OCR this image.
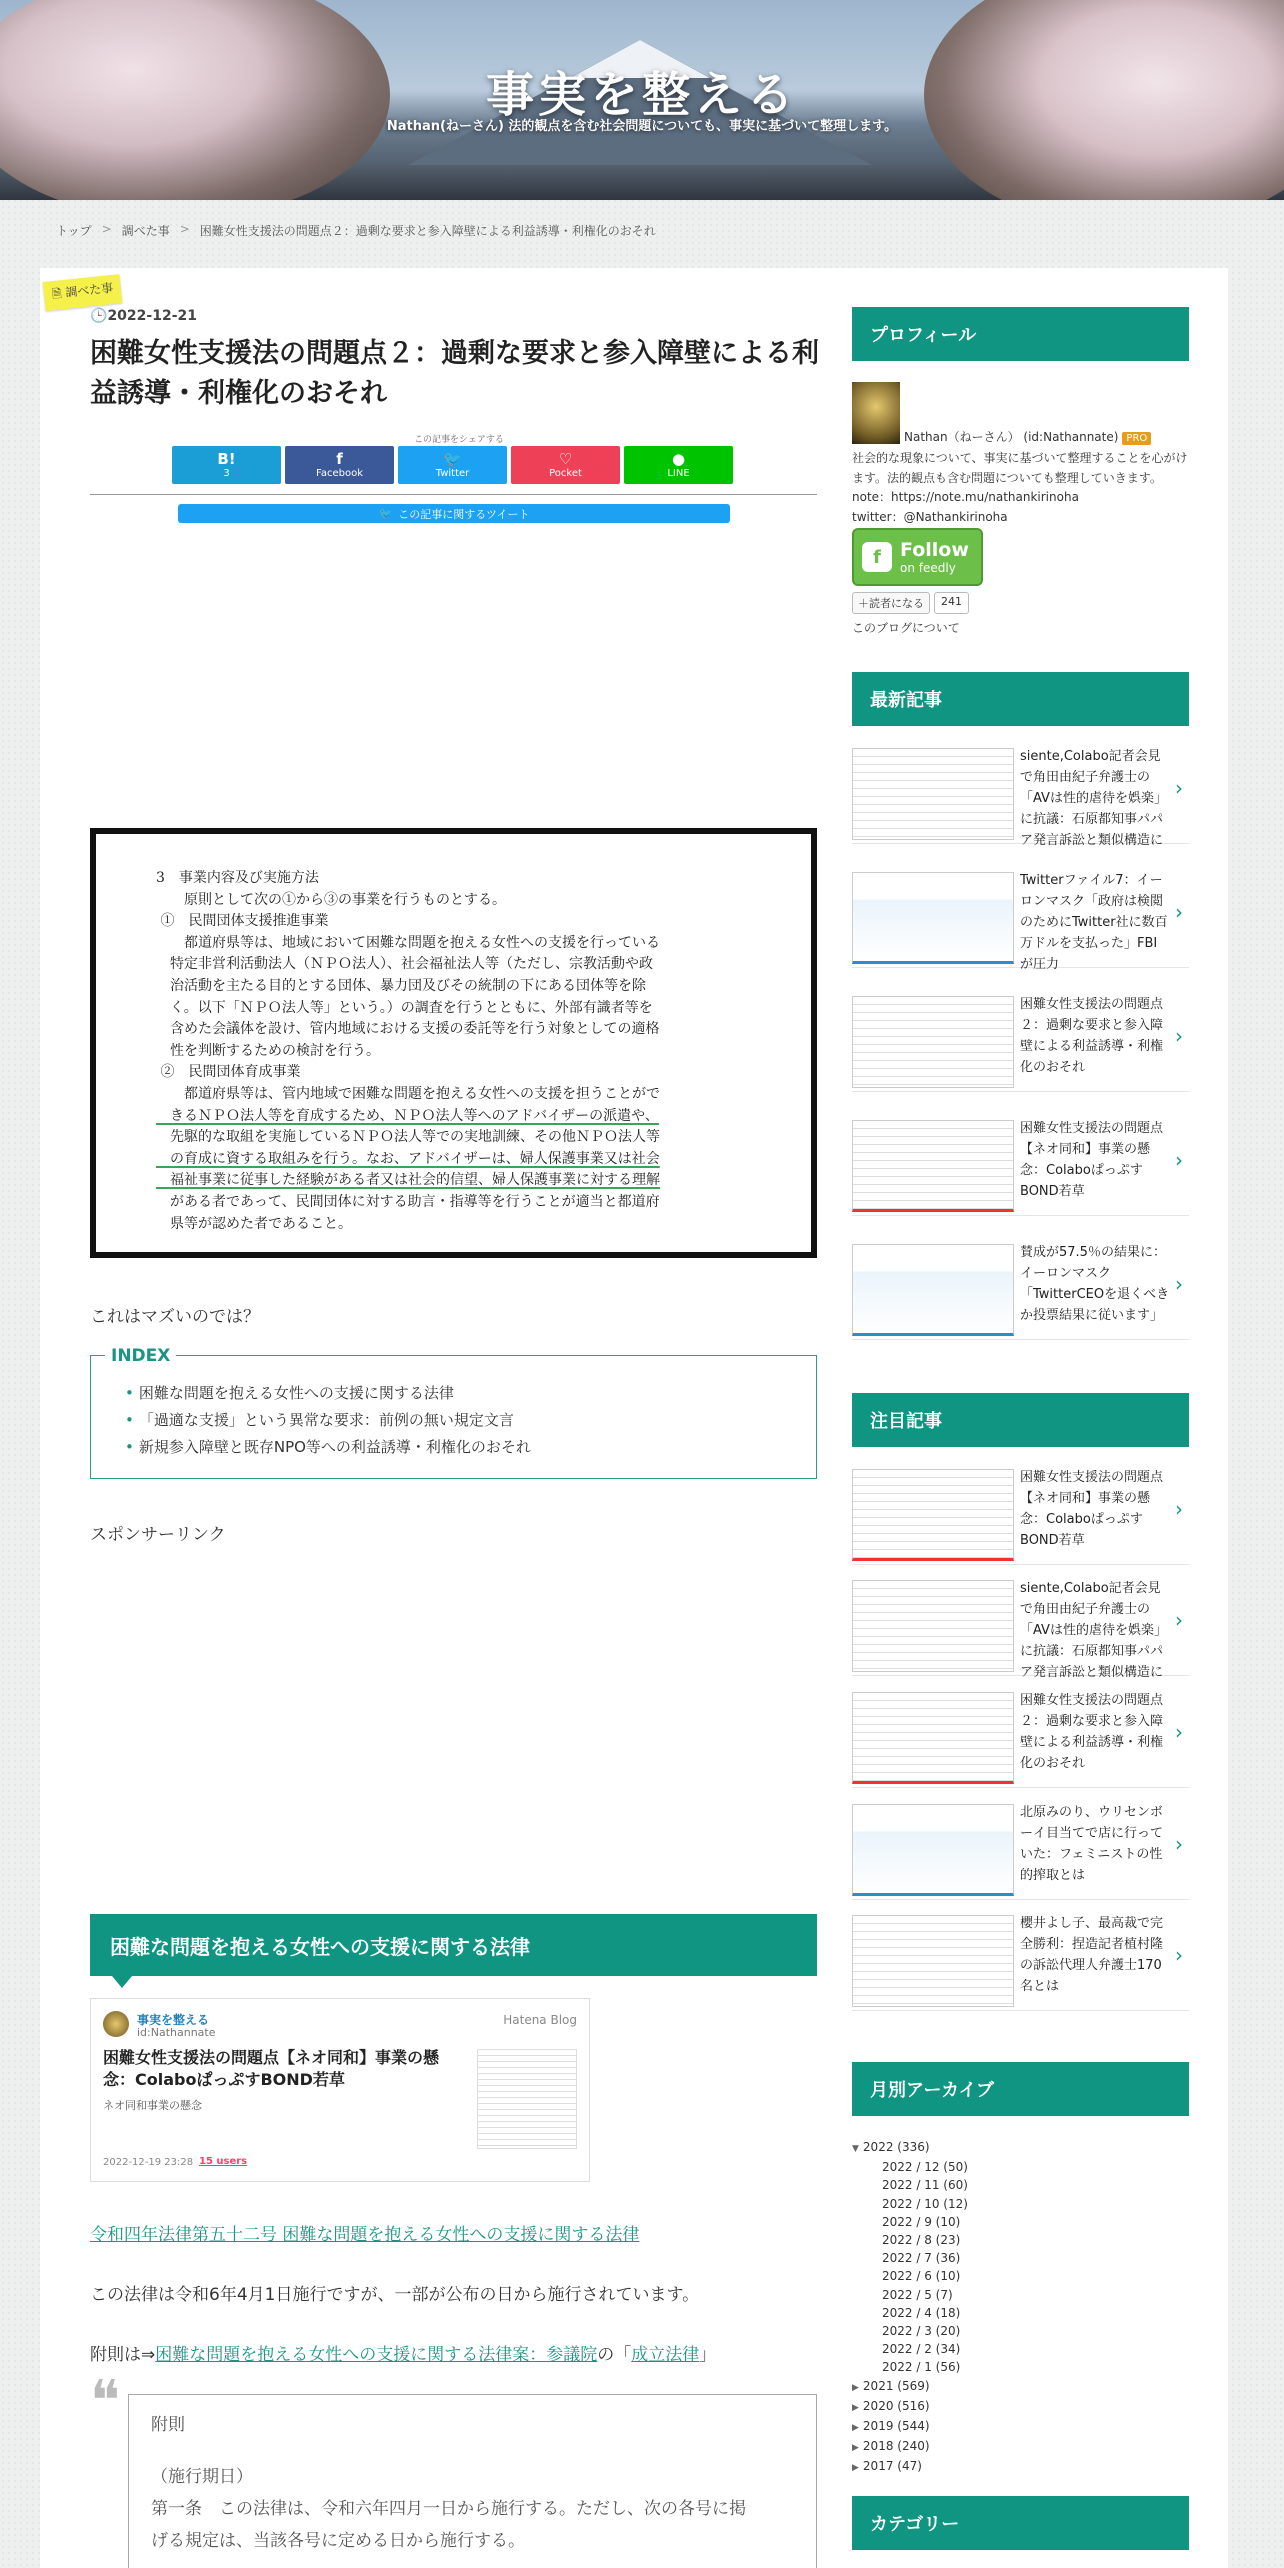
事実を整える
Nathan(ねーさん) 法的観点を含む社会問題についても、事実に基づいて整理します。
トップ > 調べた事 > 困難女性支援法の問題点２：過剰な要求と参入障壁による利益誘導・利権化のおそれ
🗎 調べた事
🕒2022-12-21
困難女性支援法の問題点２：過剰な要求と参入障壁による利益誘導・利権化のおそれ
この記事をシェアする
B!
3
f
Facebook
🐦
Twitter
♡
Pocket
●
LINE
🐦 この記事に関するツイート

3　事業内容及び実施方法

　　原則として次の①から③の事業を行うものとする。

①　民間団体支援推進事業

　　都道府県等は、地域において困難な問題を抱える女性への支援を行っている

　特定非営利活動法人（ＮＰＯ法人）、社会福祉法人等（ただし、宗教活動や政

　治活動を主たる目的とする団体、暴力団及びその統制の下にある団体等を除

　く。以下「ＮＰＯ法人等」という。）の調査を行うとともに、外部有識者等を

　含めた会議体を設け、管内地域における支援の委託等を行う対象としての適格

　性を判断するための検討を行う。

②　民間団体育成事業

　　都道府県等は、管内地域で困難な問題を抱える女性への支援を担うことがで

　きるＮＰＯ法人等を育成するため、ＮＰＯ法人等へのアドバイザーの派遣や、

　先駆的な取組を実施しているＮＰＯ法人等での実地訓練、その他ＮＰＯ法人等

　の育成に資する取組みを行う。なお、アドバイザーは、婦人保護事業又は社会

　福祉事業に従事した経験がある者又は社会的信望、婦人保護事業に対する理解

　がある者であって、民間団体に対する助言・指導等を行うことが適当と都道府

　県等が認めた者であること。

これはマズいのでは？

INDEX
• 困難な問題を抱える女性への支援に関する法律
• 「過適な支援」という異常な要求：前例の無い規定文言
• 新規参入障壁と既存NPO等への利益誘導・利権化のおそれ

スポンサーリンク

困難な問題を抱える女性への支援に関する法律
事実を整える
id:Nathannate
Hatena Blog
困難女性支援法の問題点【ネオ同和】事業の懸念：ColaboぱっぷすBOND若草
ネオ同和事業の懸念
2022-12-19 23:28 15 users
令和四年法律第五十二号 困難な問題を抱える女性への支援に関する法律

この法律は令和6年4月1日施行ですが、一部が公布の日から施行されています。

附則は⇒困難な問題を抱える女性への支援に関する法律案：参議院の「成立法律」

❝ 附則

（施行期日）

第一条　この法律は、令和六年四月一日から施行する。ただし、次の各号に掲

げる規定は、当該各号に定める日から施行する。

プロフィール
Nathan（ねーさん） (id:Nathannate) PRO
社会的な現象について、事実に基づいて整理することを心がけます。法的観点も含む問題についても整理していきます。
note：https://note.mu/nathankirinoha
twitter：@Nathankirinoha
f	Follow
on feedly
＋読者になる	241
このブログについて
最新記事
siente,Colabo記者会見で角田由紀子弁護士の「AVは性的虐待を娯楽」に抗議：石原都知事パパア発言訴訟と類似構造に
›
Twitterファイル7：イーロンマスク「政府は検閲のためにTwitter社に数百万ドルを支払った」FBIが圧力
›
困難女性支援法の問題点２：過剰な要求と参入障壁による利益誘導・利権化のおそれ
›
困難女性支援法の問題点【ネオ同和】事業の懸念：ColaboぱっぷすBOND若草
›
賛成が57.5％の結果に：イーロンマスク「TwitterCEOを退くべきか投票結果に従います」
›
注目記事
困難女性支援法の問題点【ネオ同和】事業の懸念：ColaboぱっぷすBOND若草
›
siente,Colabo記者会見で角田由紀子弁護士の「AVは性的虐待を娯楽」に抗議：石原都知事パパア発言訴訟と類似構造に
›
困難女性支援法の問題点２：過剰な要求と参入障壁による利益誘導・利権化のおそれ
›
北原みのり、ウリセンボーイ目当てで店に行っていた：フェミニストの性的搾取とは
›
櫻井よし子、最高裁で完全勝利：捏造記者植村隆の訴訟代理人弁護士170名とは
›
月別アーカイブ
▼ 2022 (336)
2022 / 12 (50)
2022 / 11 (60)
2022 / 10 (12)
2022 / 9 (10)
2022 / 8 (23)
2022 / 7 (36)
2022 / 6 (10)
2022 / 5 (7)
2022 / 4 (18)
2022 / 3 (20)
2022 / 2 (34)
2022 / 1 (56)
▶ 2021 (569)
▶ 2020 (516)
▶ 2019 (544)
▶ 2018 (240)
▶ 2017 (47)
カテゴリー
